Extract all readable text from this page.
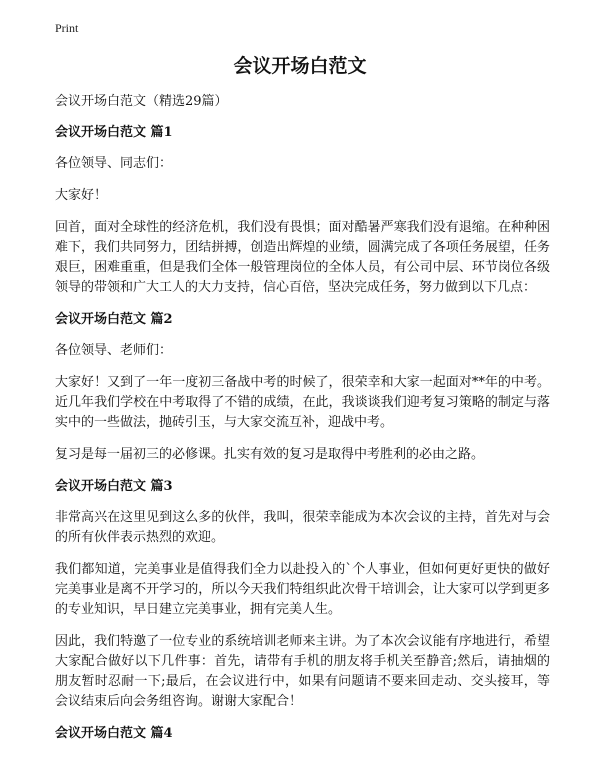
Print
会议开场白范文

会议开场白范文（精选29篇）

会议开场白范文 篇1

各位领导、同志们：

大家好！

回首，面对全球性的经济危机，我们没有畏惧；面对酷暑严寒我们没有退缩。在种种困难下，我们共同努力，团结拼搏，创造出辉煌的业绩，圆满完成了各项任务展望，任务艰巨，困难重重，但是我们全体一般管理岗位的全体人员，有公司中层、环节岗位各级领导的带领和广大工人的大力支持，信心百倍，坚决完成任务，努力做到以下几点：

会议开场白范文 篇2

各位领导、老师们：

大家好！又到了一年一度初三备战中考的时候了，很荣幸和大家一起面对**年的中考。近几年我们学校在中考取得了不错的成绩，在此，我谈谈我们迎考复习策略的制定与落实中的一些做法，抛砖引玉，与大家交流互补，迎战中考。

复习是每一届初三的必修课。扎实有效的复习是取得中考胜利的必由之路。

会议开场白范文 篇3

非常高兴在这里见到这么多的伙伴，我叫，很荣幸能成为本次会议的主持，首先对与会的所有伙伴表示热烈的欢迎。

我们都知道，完美事业是值得我们全力以赴投入的`个人事业，但如何更好更快的做好完美事业是离不开学习的，所以今天我们特组织此次骨干培训会，让大家可以学到更多的专业知识，早日建立完美事业，拥有完美人生。

因此，我们特邀了一位专业的系统培训老师来主讲。为了本次会议能有序地进行，希望大家配合做好以下几件事：首先，请带有手机的朋友将手机关至静音;然后，请抽烟的朋友暂时忍耐一下;最后，在会议进行中，如果有问题请不要来回走动、交头接耳，等会议结束后向会务组咨询。谢谢大家配合！

会议开场白范文 篇4
